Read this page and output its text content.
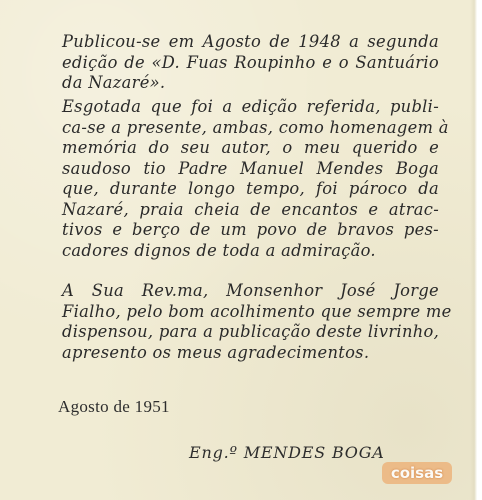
Publicou-se em Agosto de 1948 a segunda
edição de «D. Fuas Roupinho e o Santuário
da Nazaré».
Esgotada que foi a edição referida, publi-
ca-se a presente, ambas, como homenagem à
memória do seu autor, o meu querido e
saudoso tio Padre Manuel Mendes Boga
que, durante longo tempo, foi pároco da
Nazaré, praia cheia de encantos e atrac-
tivos e berço de um povo de bravos pes-
cadores dignos de toda a admiração.
A Sua Rev.ma, Monsenhor José Jorge
Fialho, pelo bom acolhimento que sempre me
dispensou, para a publicação deste livrinho,
apresento os meus agradecimentos.
Agosto de 1951
Eng.º MENDES BOGA
coisas
